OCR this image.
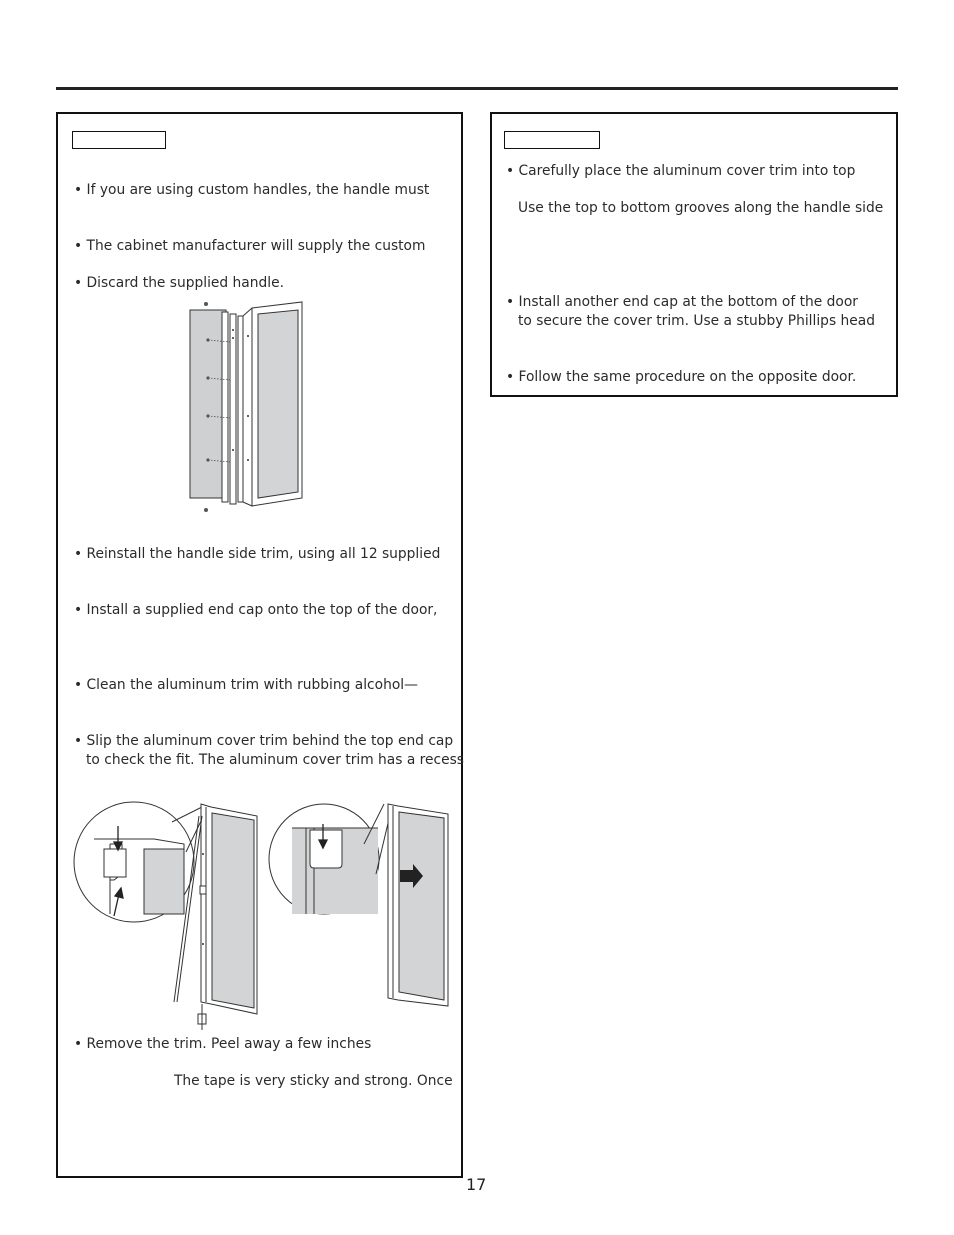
• If you are using custom handles, the handle must
• The cabinet manufacturer will supply the custom
• Discard the supplied handle.
• Reinstall the handle side trim, using all 12 supplied
• Install a supplied end cap onto the top of the door,
• Clean the aluminum trim with rubbing alcohol—
• Slip the aluminum cover trim behind the top end cap
to check the fit. The aluminum cover trim has a recess
• Remove the trim. Peel away a few inches
The tape is very sticky and strong. Once
• Carefully place the aluminum cover trim into top
Use the top to bottom grooves along the handle side
• Install another end cap at the bottom of the door
to secure the cover trim. Use a stubby Phillips head
• Follow the same procedure on the opposite door.
17
